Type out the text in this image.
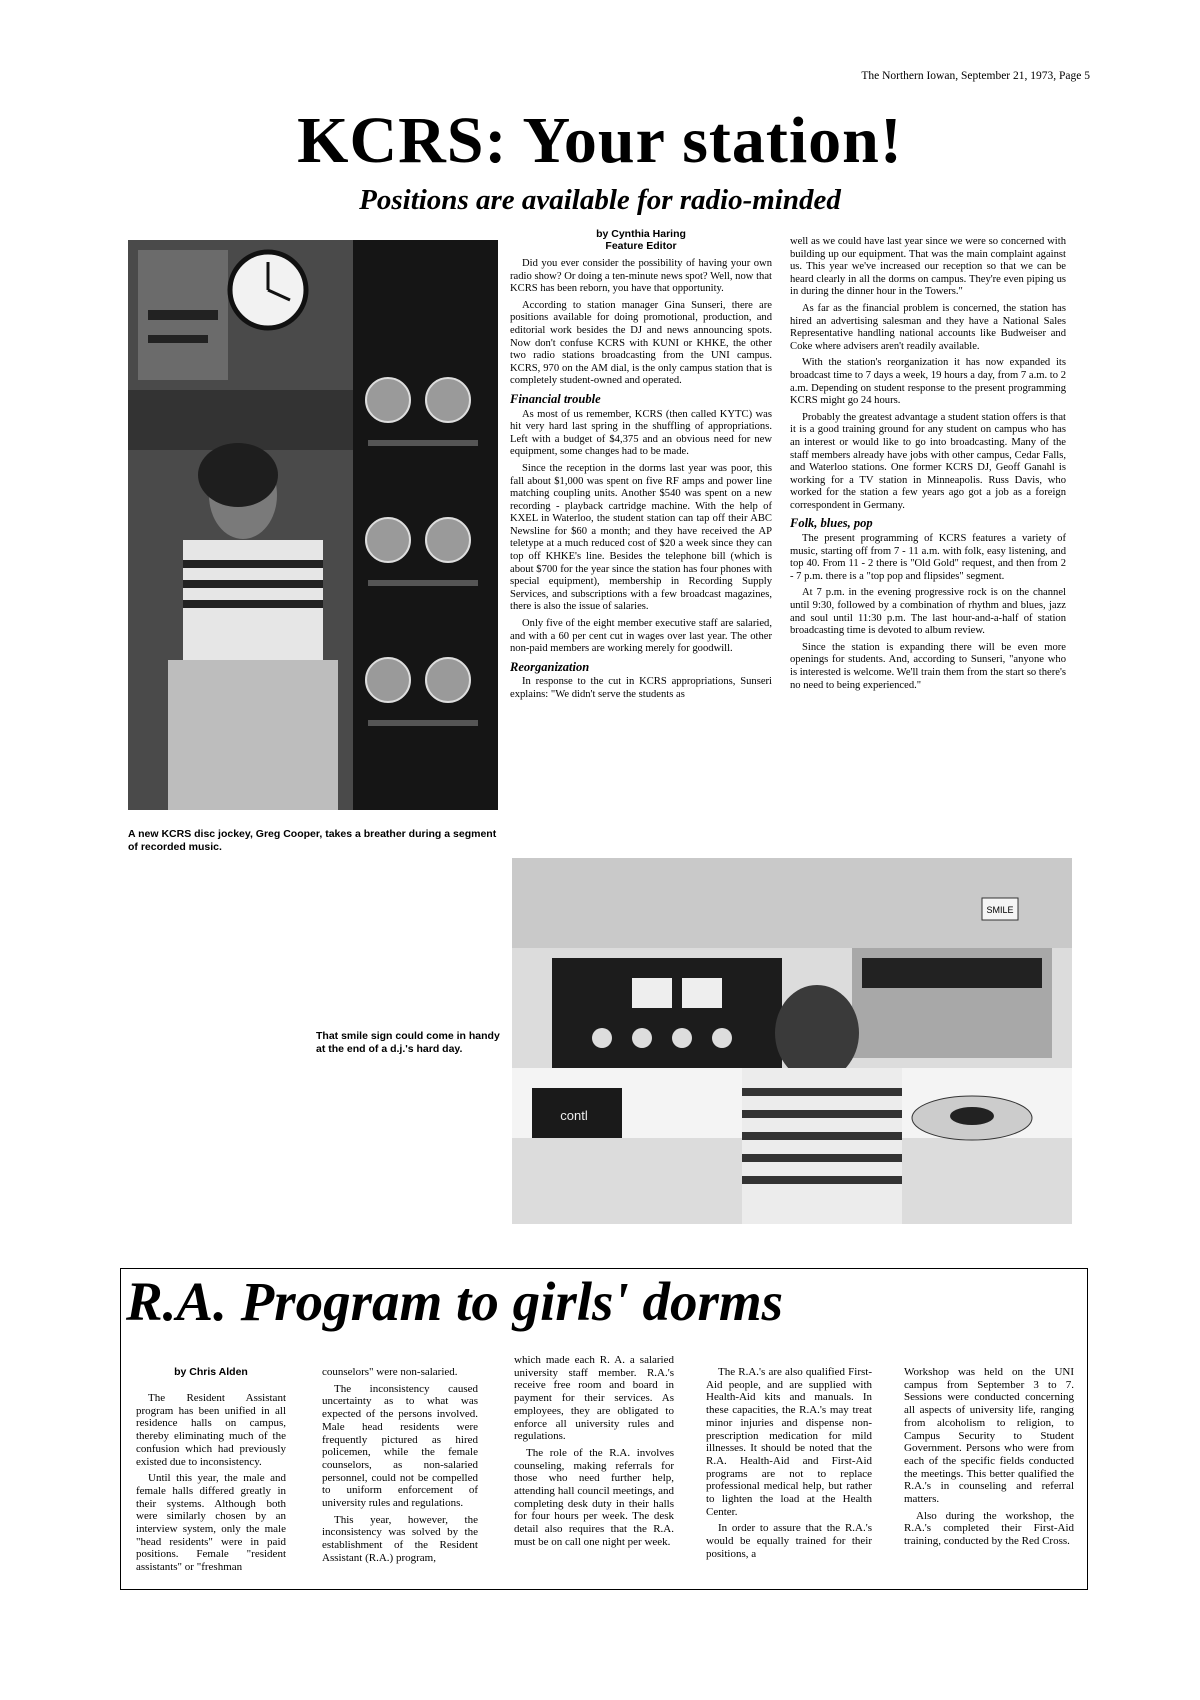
The Northern Iowan, September 21, 1973, Page 5
KCRS: Your station!
Positions are available for radio-minded
by Cynthia Haring
Feature Editor

Did you ever consider the possibility of having your own radio show? Or doing a ten-minute news spot? Well, now that KCRS has been reborn, you have that opportunity.

According to station manager Gina Sunseri, there are positions available for doing promotional, production, and editorial work besides the DJ and news announcing spots. Now don't confuse KCRS with KUNI or KHKE, the other two radio stations broadcasting from the UNI campus. KCRS, 970 on the AM dial, is the only campus station that is completely student-owned and operated.

Financial trouble

As most of us remember, KCRS (then called KYTC) was hit very hard last spring in the shuffling of appropriations. Left with a budget of $4,375 and an obvious need for new equipment, some changes had to be made.

Since the reception in the dorms last year was poor, this fall about $1,000 was spent on five RF amps and power line matching coupling units. Another $540 was spent on a new recording - playback cartridge machine. With the help of KXEL in Waterloo, the student station can tap off their ABC Newsline for $60 a month; and they have received the AP teletype at a much reduced cost of $20 a week since they can top off KHKE's line. Besides the telephone bill (which is about $700 for the year since the station has four phones with special equipment), membership in Recording Supply Services, and subscriptions with a few broadcast magazines, there is also the issue of salaries.

Only five of the eight member executive staff are salaried, and with a 60 per cent cut in wages over last year. The other non-paid members are working merely for goodwill.

Reorganization

In response to the cut in KCRS appropriations, Sunseri explains: "We didn't serve the students as

well as we could have last year since we were so concerned with building up our equipment. That was the main complaint against us. This year we've increased our reception so that we can be heard clearly in all the dorms on campus. They're even piping us in during the dinner hour in the Towers."

As far as the financial problem is concerned, the station has hired an advertising salesman and they have a National Sales Representative handling national accounts like Budweiser and Coke where advisers aren't readily available.

With the station's reorganization it has now expanded its broadcast time to 7 days a week, 19 hours a day, from 7 a.m. to 2 a.m. Depending on student response to the present programming KCRS might go 24 hours.

Probably the greatest advantage a student station offers is that it is a good training ground for any student on campus who has an interest or would like to go into broadcasting. Many of the staff members already have jobs with other campus, Cedar Falls, and Waterloo stations. One former KCRS DJ, Geoff Ganahl is working for a TV station in Minneapolis. Russ Davis, who worked for the station a few years ago got a job as a foreign correspondent in Germany.

Folk, blues, pop

The present programming of KCRS features a variety of music, starting off from 7 - 11 a.m. with folk, easy listening, and top 40. From 11 - 2 there is "Old Gold" request, and then from 2 - 7 p.m. there is a "top pop and flipsides" segment.

At 7 p.m. in the evening progressive rock is on the channel until 9:30, followed by a combination of rhythm and blues, jazz and soul until 11:30 p.m. The last hour-and-a-half of station broadcasting time is devoted to album review.

Since the station is expanding there will be even more openings for students. And, according to Sunseri, "anyone who is interested is welcome. We'll train them from the start so there's no need to being experienced."

A new KCRS disc jockey, Greg Cooper, takes a breather during a segment of recorded music.
SMILE
contl
That smile sign could come in handy at the end of a d.j.'s hard day.
R.A. Program to girls' dorms
by Chris Alden

The Resident Assistant program has been unified in all residence halls on campus, thereby eliminating much of the confusion which had previously existed due to inconsistency.

Until this year, the male and female halls differed greatly in their systems. Although both were similarly chosen by an interview system, only the male "head residents" were in paid positions. Female "resident assistants" or "freshman

counselors" were non-salaried.

The inconsistency caused uncertainty as to what was expected of the persons involved. Male head residents were frequently pictured as hired policemen, while the female counselors, as non-salaried personnel, could not be compelled to uniform enforcement of university rules and regulations.

This year, however, the inconsistency was solved by the establishment of the Resident Assistant (R.A.) program,

which made each R. A. a salaried university staff member. R.A.'s receive free room and board in payment for their services. As employees, they are obligated to enforce all university rules and regulations.

The role of the R.A. involves counseling, making referrals for those who need further help, attending hall council meetings, and completing desk duty in their halls for four hours per week. The desk detail also requires that the R.A. must be on call one night per week.

The R.A.'s are also qualified First-Aid people, and are supplied with Health-Aid kits and manuals. In these capacities, the R.A.'s may treat minor injuries and dispense non-prescription medication for mild illnesses. It should be noted that the R.A. Health-Aid and First-Aid programs are not to replace professional medical help, but rather to lighten the load at the Health Center.

In order to assure that the R.A.'s would be equally trained for their positions, a

Workshop was held on the UNI campus from September 3 to 7. Sessions were conducted concerning all aspects of university life, ranging from alcoholism to religion, to Campus Security to Student Government. Persons who were from each of the specific fields conducted the meetings. This better qualified the R.A.'s in counseling and referral matters.

Also during the workshop, the R.A.'s completed their First-Aid training, conducted by the Red Cross.
